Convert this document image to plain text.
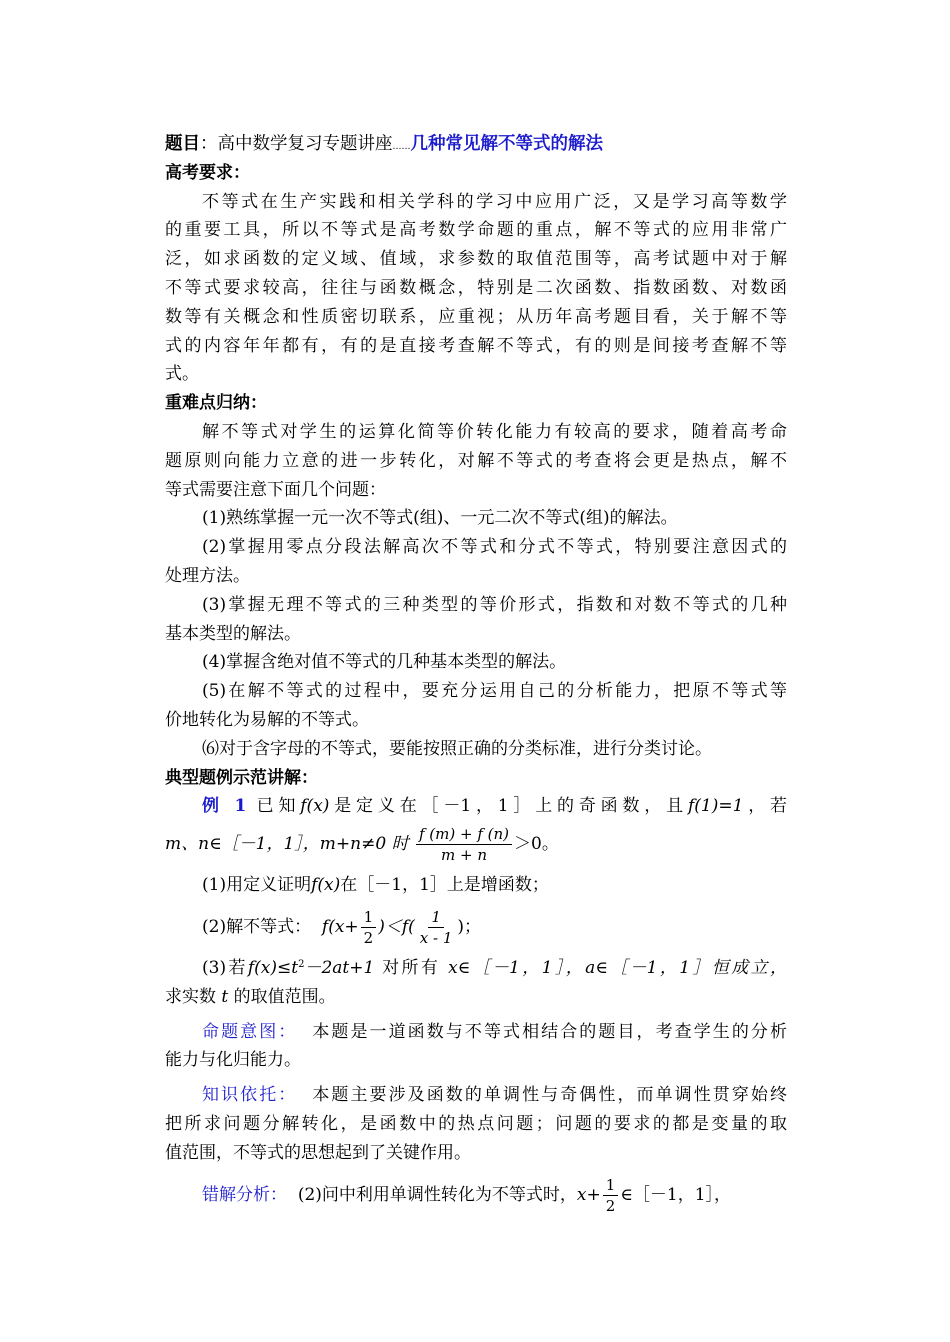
题目：高中数学复习专题讲座……几种常见解不等式的解法
高考要求：
不等式在生产实践和相关学科的学习中应用广泛，又是学习高等数学
的重要工具，所以不等式是高考数学命题的重点，解不等式的应用非常广
泛，如求函数的定义域、值域，求参数的取值范围等，高考试题中对于解
不等式要求较高，往往与函数概念，特别是二次函数、指数函数、对数函
数等有关概念和性质密切联系，应重视；从历年高考题目看，关于解不等
式的内容年年都有，有的是直接考查解不等式，有的则是间接考查解不等
式。
重难点归纳：
解不等式对学生的运算化简等价转化能力有较高的要求，随着高考命
题原则向能力立意的进一步转化，对解不等式的考查将会更是热点，解不
等式需要注意下面几个问题：
(1)熟练掌握一元一次不等式(组)、一元二次不等式(组)的解法。
(2)掌握用零点分段法解高次不等式和分式不等式，特别要注意因式的
处理方法。
(3)掌握无理不等式的三种类型的等价形式，指数和对数不等式的几种
基本类型的解法。
(4)掌握含绝对值不等式的几种基本类型的解法。
(5)在解不等式的过程中，要充分运用自己的分析能力，把原不等式等
价地转化为易解的不等式。
⑹对于含字母的不等式，要能按照正确的分类标准，进行分类讨论。
典型题例示范讲解：
例 1 已知f(x)是定义在［－1，1］上的奇函数，且f(1)=1，若
m、n∈［－1，1］，m+n≠0 时 $\frac{f (m) + f (n)}{m + n} >0$。
(1)用定义证明f(x)在［－1，1］上是增函数；
(2)解不等式： $f(x+ \frac{1}{2} )<f( \frac{1}{x - 1}$ )；
(3)若$f(x)\le t^2-2at+1$ 对所有 x∈［－1，1］，a∈［－1，1］恒成立，
求实数 t 的取值范围。
命题意图： 本题是一道函数与不等式相结合的题目，考查学生的分析
能力与化归能力。
知识依托： 本题主要涉及函数的单调性与奇偶性，而单调性贯穿始终
把所求问题分解转化，是函数中的热点问题；问题的要求的都是变量的取
值范围，不等式的思想起到了关键作用。
错解分析： (2)问中利用单调性转化为不等式时，$x+ \frac{1}{2}$ ∈［－1，1］，
